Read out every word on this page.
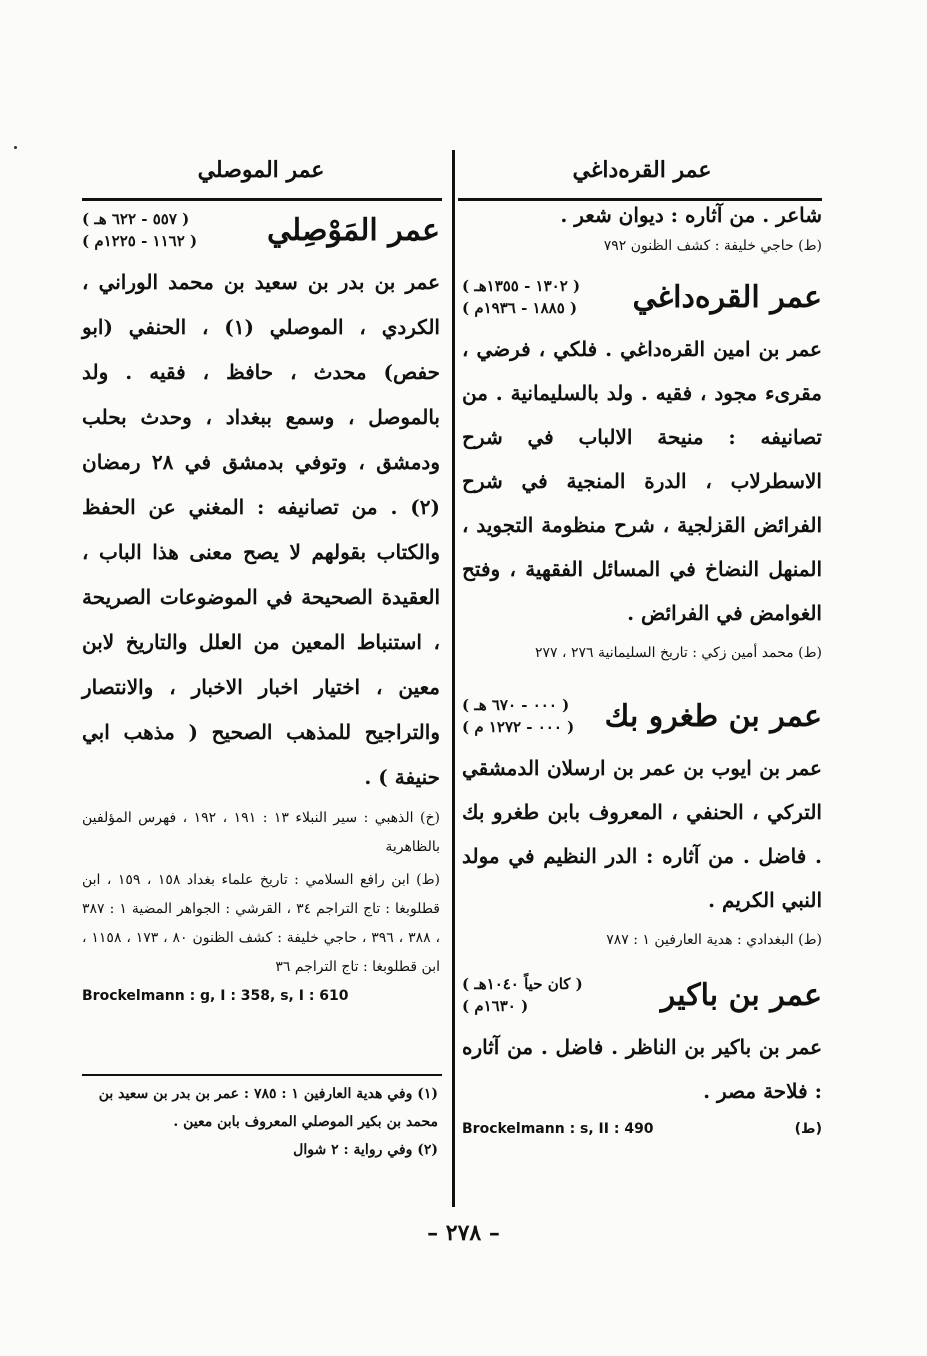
عمر القره‌داغي

شاعر . من آثاره : ديوان شعر .

(ط) حاجي خليفة : كشف الظنون ٧٩٢

عمر القره‌داغي
( ١٣٠٢ - ١٣٥٥هـ )
( ١٨٨٥ - ١٩٣٦م )

عمر بن امين القره‌داغي . فلكي ، فرضي ، مقرىء مجود ، فقيه . ولد بالسليمانية . من تصانيفه : منيحة الالباب في شرح الاسطرلاب ، الدرة المنجية في شرح الفرائض القزلجية ، شرح منظومة التجويد ، المنهل النضاخ في المسائل الفقهية ، وفتح الغوامض في الفرائض .

(ط) محمد أمين زكي : تاريخ السليمانية ٢٧٦ ، ٢٧٧

عمر بن طغرو بك
( ٠٠٠ - ٦٧٠ هـ )
( ٠٠٠ - ١٢٧٢ م )

عمر بن ايوب بن عمر بن ارسلان الدمشقي التركي ، الحنفي ، المعروف بابن طغرو بك . فاضل . من آثاره : الدر النظيم في مولد النبي الكريم .

(ط) البغدادي : هدية العارفين ١ : ٧٨٧

عمر بن باكير
( كان حياً ١٠٤٠هـ )
( ١٦٣٠م )

عمر بن باكير بن الناظر . فاضل . من آثاره : فلاحة مصر .

Brockelmann : s, II : 490	(ط)
عمر الموصلي
عمر المَوْصِلي
( ٥٥٧ - ٦٢٢ هـ )
( ١١٦٢ - ١٢٢٥م )

عمر بن بدر بن سعيد بن محمد الوراني ، الكردي ، الموصلي (١) ، الحنفي (ابو حفص) محدث ، حافظ ، فقيه . ولد بالموصل ، وسمع ببغداد ، وحدث بحلب ودمشق ، وتوفي بدمشق في ٢٨ رمضان (٢) . من تصانيفه : المغني عن الحفظ والكتاب بقولهم لا يصح معنى هذا الباب ، العقيدة الصحيحة في الموضوعات الصريحة ، استنباط المعين من العلل والتاريخ لابن معين ، اختيار اخبار الاخبار ، والانتصار والتراجيح للمذهب الصحيح ( مذهب ابي حنيفة ) .

(خ) الذهبي : سير النبلاء ١٣ : ١٩١ ، ١٩٢ ، فهرس المؤلفين بالظاهرية

(ط) ابن رافع السلامي : تاريخ علماء بغداد ١٥٨ ، ١٥٩ ، ابن قطلوبغا : تاج التراجم ٣٤ ، القرشي : الجواهر المضية ١ : ٣٨٧ ، ٣٨٨ ، ٣٩٦ ، حاجي خليفة : كشف الظنون ٨٠ ، ١٧٣ ، ١١٥٨ ، ابن قطلوبغا : تاج التراجم ٣٦

Brockelmann : g, I : 358, s, I : 610
(١) وفي هدية العارفين ١ : ٧٨٥ : عمر بن بدر بن سعيد بن محمد بن بكير الموصلي المعروف بابن معين .
(٢) وفي رواية : ٢ شوال
– ٢٧٨ –
